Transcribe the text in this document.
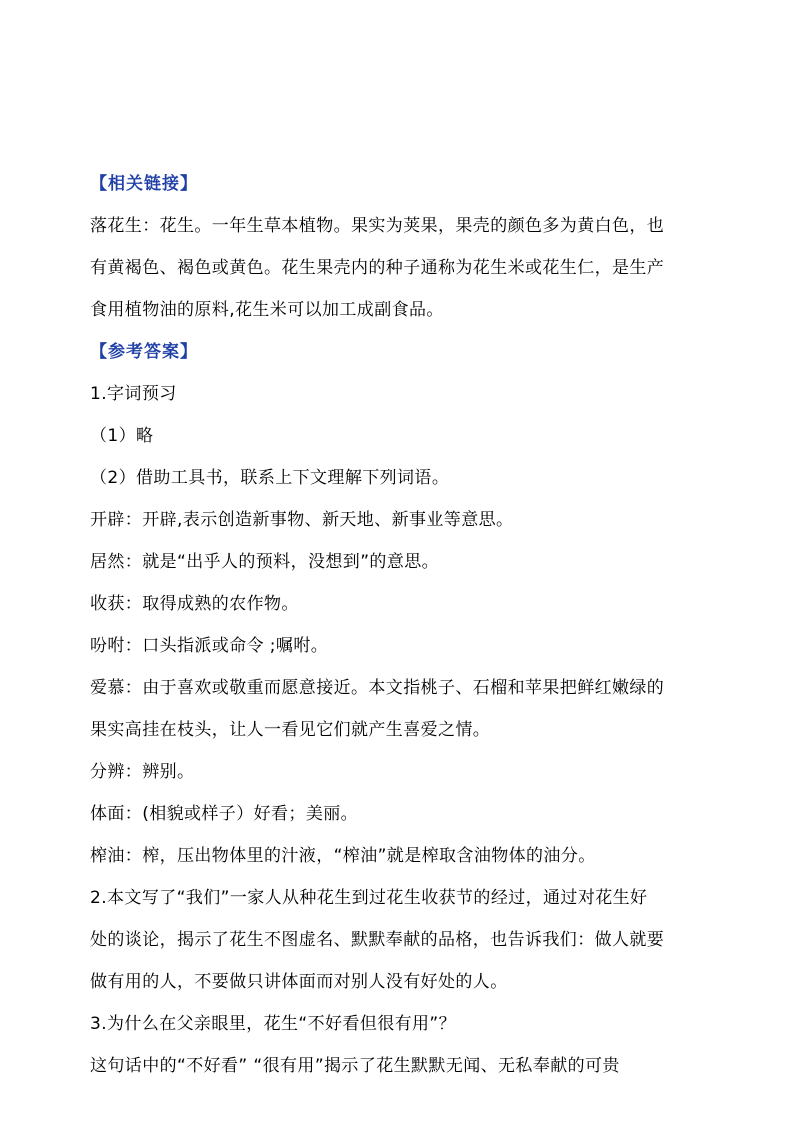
【相关链接】
落花生：花生。一年生草本植物。果实为荚果，果壳的颜色多为黄白色，也
有黄褐色、褐色或黄色。花生果壳内的种子通称为花生米或花生仁，是生产
食用植物油的原料,花生米可以加工成副食品。
【参考答案】
1.字词预习
（1）略
（2）借助工具书，联系上下文理解下列词语。
开辟：开辟,表示创造新事物、新天地、新事业等意思。
居然：就是“出乎人的预料，没想到”的意思。
收获：取得成熟的农作物。
吩咐：口头指派或命令 ;嘱咐。
爱慕：由于喜欢或敬重而愿意接近。本文指桃子、石榴和苹果把鲜红嫩绿的
果实高挂在枝头，让人一看见它们就产生喜爱之情。
分辨：辨别。
体面：(相貌或样子）好看；美丽。
榨油：榨，压出物体里的汁液，“榨油”就是榨取含油物体的油分。
2.本文写了“我们”一家人从种花生到过花生收获节的经过，通过对花生好
处的谈论，揭示了花生不图虚名、默默奉献的品格，也告诉我们：做人就要
做有用的人，不要做只讲体面而对别人没有好处的人。
3.为什么在父亲眼里，花生“不好看但很有用”？
这句话中的“不好看” “很有用”揭示了花生默默无闻、无私奉献的可贵
